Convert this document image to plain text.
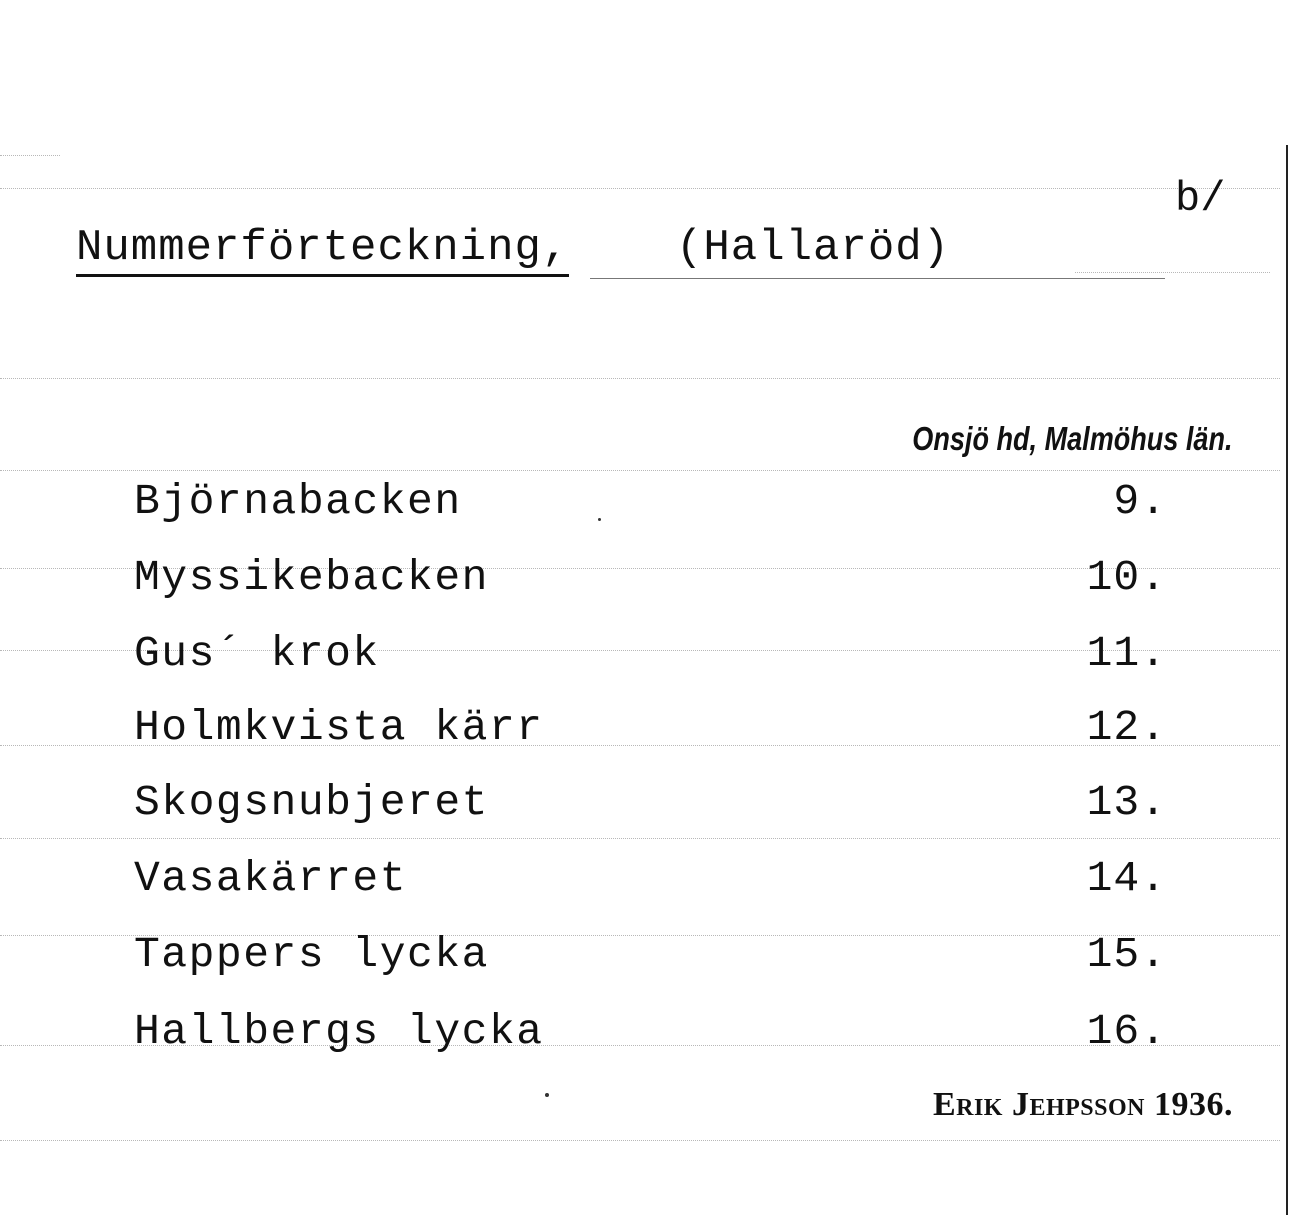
b/
Nummerförteckning, (Hallaröd)
Onsjö hd, Malmöhus län.
Björnabacken	9.
Myssikebacken	10.
Gus´ krok	11.
Holmkvista kärr	12.
Skogsnubjeret	13.
Vasakärret	14.
Tappers lycka	15.
Hallbergs lycka	16.
Erik Jehpsson 1936.
